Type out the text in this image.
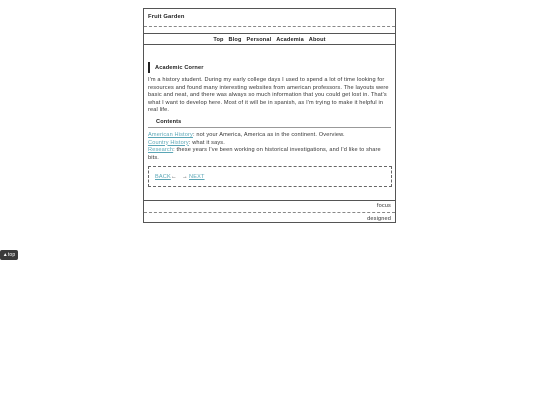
Fruit Garden
Top Blog Personal Academia About
Academic Corner
I'm a history student. During my early college days I used to spend a lot of time looking for resources and found many interesting websites from american professors. The layouts were basic and neat, and there was always so much information that you could get lost in. That's what I want to develop here. Most of it will be in spanish, as I'm trying to make it helpful in real life.
Contents
American History: not your America, America as in the continent. Overview.
Country History: what it says.
Research: these years I've been working on historical investigations, and I'd like to share bits.
BACK ← → NEXT
focus
designed
▲top
